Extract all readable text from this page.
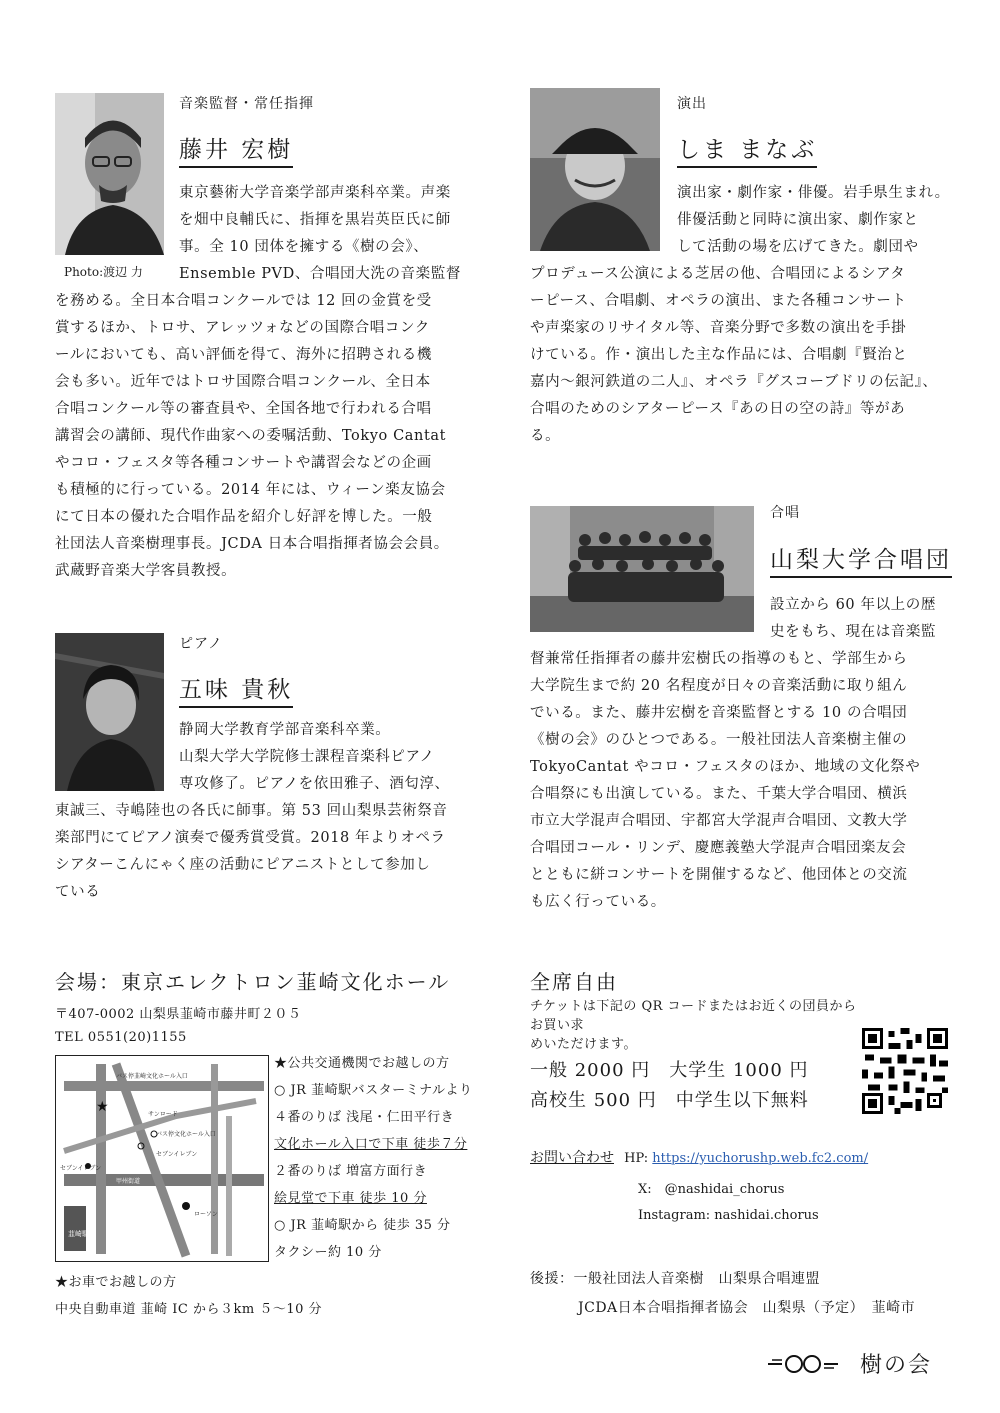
Photo:渡辺 力
音楽監督・常任指揮
藤井 宏樹
東京藝術大学音楽学部声楽科卒業。声楽
を畑中良輔氏に、指揮を黒岩英臣氏に師
事。全 10 団体を擁する《樹の会》、
Ensemble PVD、合唱団大洗の音楽監督
を務める。全日本合唱コンクールでは 12 回の金賞を受
賞するほか、トロサ、アレッツォなどの国際合唱コンク
ールにおいても、高い評価を得て、海外に招聘される機
会も多い。近年ではトロサ国際合唱コンクール、全日本
合唱コンクール等の審査員や、全国各地で行われる合唱
講習会の講師、現代作曲家への委嘱活動、Tokyo Cantat
やコロ・フェスタ等各種コンサートや講習会などの企画
も積極的に行っている。2014 年には、ウィーン楽友協会
にて日本の優れた合唱作品を紹介し好評を博した。一般
社団法人音楽樹理事長。JCDA 日本合唱指揮者協会会員。
武蔵野音楽大学客員教授。
演出
しま まなぶ
演出家・劇作家・俳優。岩手県生まれ。
俳優活動と同時に演出家、劇作家と
して活動の場を広げてきた。劇団や
プロデュース公演による芝居の他、合唱団によるシアタ
ーピース、合唱劇、オペラの演出、また各種コンサート
や声楽家のリサイタル等、音楽分野で多数の演出を手掛
けている。作・演出した主な作品には、合唱劇『賢治と
嘉内〜銀河鉄道の二人』、オペラ『グスコーブドリの伝記』、
合唱のためのシアターピース『あの日の空の詩』等があ
る。
ピアノ
五味 貴秋
静岡大学教育学部音楽科卒業。
山梨大学大学院修士課程音楽科ピアノ
専攻修了。ピアノを依田雅子、酒匂淳、
東誠三、寺嶋陸也の各氏に師事。第 53 回山梨県芸術祭音
楽部門にてピアノ演奏で優秀賞受賞。2018 年よりオペラ
シアターこんにゃく座の活動にピアニストとして参加し
ている
合唱
山梨大学合唱団
設立から 60 年以上の歴
史をもち、現在は音楽監
督兼常任指揮者の藤井宏樹氏の指導のもと、学部生から
大学院生まで約 20 名程度が日々の音楽活動に取り組ん
でいる。また、藤井宏樹を音楽監督とする 10 の合唱団
《樹の会》のひとつである。一般社団法人音楽樹主催の
TokyoCantat やコロ・フェスタのほか、地域の文化祭や
合唱祭にも出演している。また、千葉大学合唱団、横浜
市立大学混声合唱団、宇都宮大学混声合唱団、文教大学
合唱団コール・リンデ、慶應義塾大学混声合唱団楽友会
とともに絣コンサートを開催するなど、他団体との交流
も広く行っている。
会場：東京エレクトロン韮崎文化ホール
〒407-0002 山梨県韮崎市藤井町２０５
TEL 0551(20)1155
韮崎駅
★
バス停韮崎文化ホール入口
サンロード
バス停文化ホール入口
セブンイレブン
セブンイレブン
甲州街道
ローソン
★公共交通機関でお越しの方
○ JR 韮崎駅バスターミナルより
４番のりば 浅尾・仁田平行き
文化ホール入口で下車 徒歩７分
２番のりば 増富方面行き
絵見堂で下車 徒歩 10 分
○ JR 韮崎駅から 徒歩 35 分
タクシー約 10 分
★お車でお越しの方
中央自動車道 韮崎 IC から３km ５〜10 分
全席自由
チケットは下記の QR コードまたはお近くの団員からお買い求
めいただけます。
一般 2000 円　大学生 1000 円
高校生 500 円　中学生以下無料
お問い合わせ HP: https://yuchorushp.web.fc2.com/
X:　@nashidai_chorus
Instagram: nashidai.chorus
後援：一般社団法人音楽樹　山梨県合唱連盟
JCDA日本合唱指揮者協会　山梨県（予定）　韮崎市
樹の会
